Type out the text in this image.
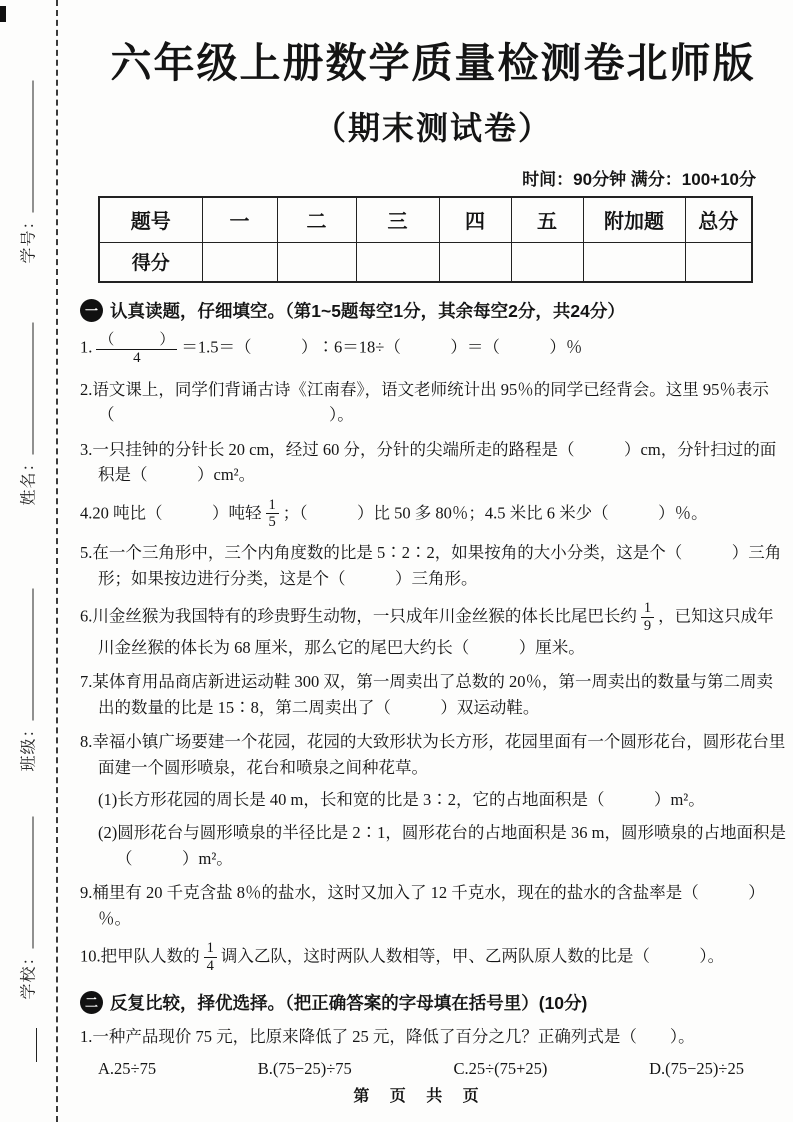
学号：
姓名：
班级：
学校：
六年级上册数学质量检测卷北师版
（期末测试卷）
时间：90分钟 满分：100+10分
题号	一	二	三	四	五	附加题	总分
得分							
一 认真读题，仔细填空。（第1~5题每空1分，其余每空2分，共24分）
1. $\frac{( )}{4} =1.5=$（　　　）∶6＝18÷（　　　）＝（　　　）％
2.语文课上，同学们背诵古诗《江南春》，语文老师统计出 95％的同学已经背会。这里 95％表示（　　　　　　　　　　　　　）。
3.一只挂钟的分针长 20 cm，经过 60 分，分针的尖端所走的路程是（　　　）cm，分针扫过的面积是（　　　）cm²。
4.20 吨比（　　　）吨轻 $\frac{1}{5}$ ；（　　　）比 50 多 80％；4.5 米比 6 米少（　　　）％。
5.在一个三角形中，三个内角度数的比是 5∶2∶2，如果按角的大小分类，这是个（　　　）三角形；如果按边进行分类，这是个（　　　）三角形。
6.川金丝猴为我国特有的珍贵野生动物，一只成年川金丝猴的体长比尾巴长约 $\frac{1}{9}$ ，已知这只成年川金丝猴的体长为 68 厘米，那么它的尾巴大约长（　　　）厘米。
7.某体育用品商店新进运动鞋 300 双，第一周卖出了总数的 20％，第一周卖出的数量与第二周卖出的数量的比是 15∶8，第二周卖出了（　　　）双运动鞋。
8.幸福小镇广场要建一个花园，花园的大致形状为长方形，花园里面有一个圆形花台，圆形花台里面建一个圆形喷泉，花台和喷泉之间种花草。
(1)长方形花园的周长是 40 m，长和宽的比是 3∶2，它的占地面积是（　　　）m²。
(2)圆形花台与圆形喷泉的半径比是 2∶1，圆形花台的占地面积是 36 m，圆形喷泉的占地面积是（　　　）m²。
9.桶里有 20 千克含盐 8％的盐水，这时又加入了 12 千克水，现在的盐水的含盐率是（　　　）％。
10.把甲队人数的 $\frac{1}{4}$ 调入乙队，这时两队人数相等，甲、乙两队原人数的比是（　　　）。
二 反复比较，择优选择。（把正确答案的字母填在括号里）(10分)
1.一种产品现价 75 元，比原来降低了 25 元，降低了百分之几？正确列式是（　　）。
A.25÷75	B.(75−25)÷75	C.25÷(75+25)	D.(75−25)÷25
第 页 共 页
